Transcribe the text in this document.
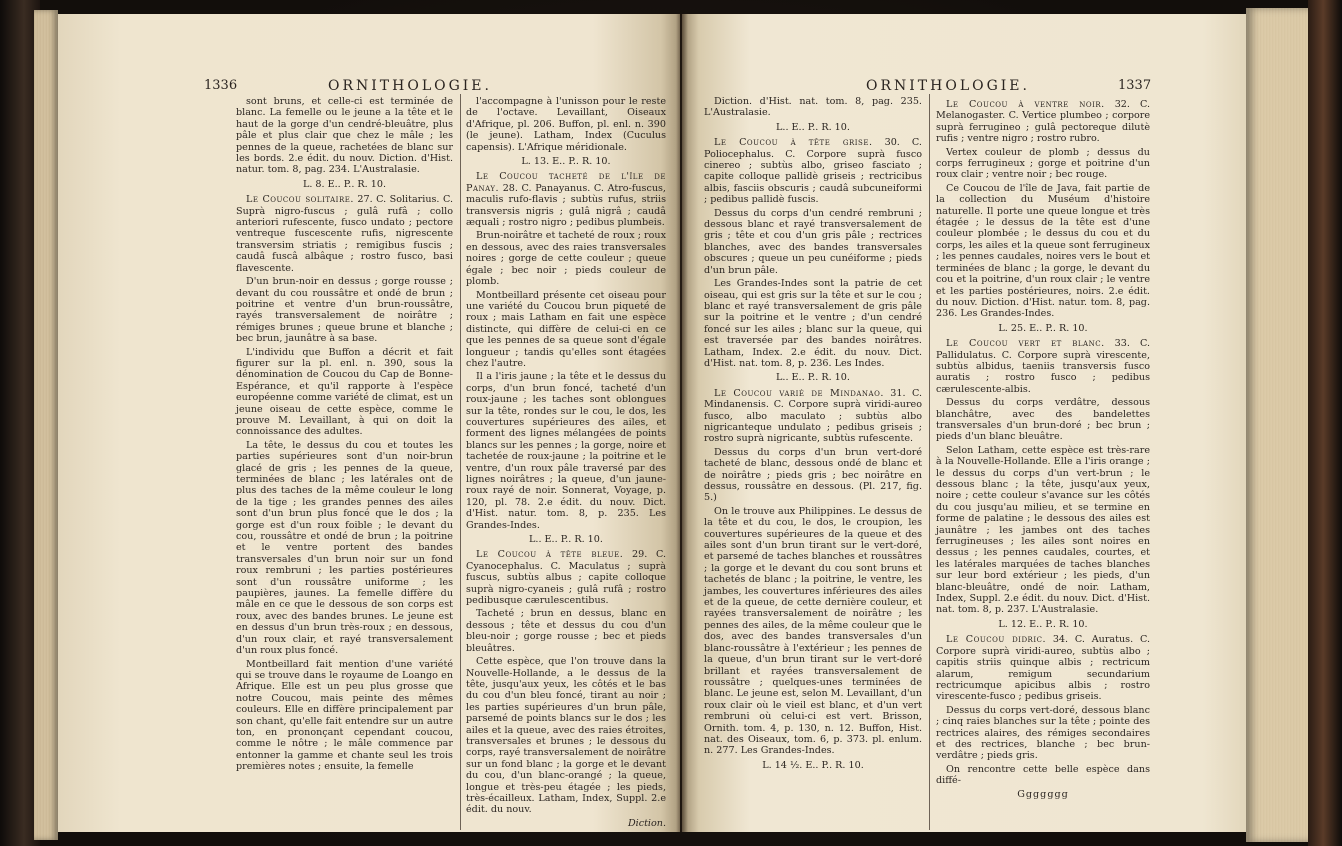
1336	ORNITHOLOGIE.

sont bruns, et celle-ci est terminée de blanc. La femelle ou le jeune a la tête et le haut de la gorge d'un cendré-bleuâtre, plus pâle et plus clair que chez le mâle ; les pennes de la queue, rachetées de blanc sur les bords. 2.e édit. du nouv. Diction. d'Hist. natur. tom. 8, pag. 234. L'Australasie.

L. 8. E.. P.. R. 10.

Le Coucou solitaire. 27. C. Solitarius. C. Suprà nigro-fuscus ; gulâ rufâ ; collo anteriori rufescente, fusco undato ; pectore ventreque fuscescente rufis, nigrescente transversim striatis ; remigibus fuscis ; caudâ fuscâ albâque ; rostro fusco, basi flavescente.

D'un brun-noir en dessus ; gorge rousse ; devant du cou roussâtre et ondé de brun ; poitrine et ventre d'un brun-roussâtre, rayés transversalement de noirâtre ; rémiges brunes ; queue brune et blanche ; bec brun, jaunâtre à sa base.

L'individu que Buffon a décrit et fait figurer sur la pl. enl. n. 390, sous la dénomination de Coucou du Cap de Bonne-Espérance, et qu'il rapporte à l'espèce européenne comme variété de climat, est un jeune oiseau de cette espèce, comme le prouve M. Levaillant, à qui on doit la connoissance des adultes.

La tête, le dessus du cou et toutes les parties supérieures sont d'un noir-brun glacé de gris ; les pennes de la queue, terminées de blanc ; les latérales ont de plus des taches de la même couleur le long de la tige ; les grandes pennes des ailes sont d'un brun plus foncé que le dos ; la gorge est d'un roux foible ; le devant du cou, roussâtre et ondé de brun ; la poitrine et le ventre portent des bandes transversales d'un brun noir sur un fond roux rembruni ; les parties postérieures sont d'un roussâtre uniforme ; les paupières, jaunes. La femelle diffère du mâle en ce que le dessous de son corps est roux, avec des bandes brunes. Le jeune est en dessus d'un brun très-roux ; en dessous, d'un roux clair, et rayé transversalement d'un roux plus foncé.

Montbeillard fait mention d'une variété qui se trouve dans le royaume de Loango en Afrique. Elle est un peu plus grosse que notre Coucou, mais peinte des mêmes couleurs. Elle en diffère principalement par son chant, qu'elle fait entendre sur un autre ton, en prononçant cependant coucou, comme le nôtre ; le mâle commence par entonner la gamme et chante seul les trois premières notes ; ensuite, la femelle

l'accompagne à l'unisson pour le reste de l'octave. Levaillant, Oiseaux d'Afrique, pl. 206. Buffon, pl. enl. n. 390 (le jeune). Latham, Index (Cuculus capensis). L'Afrique méridionale.

L. 13. E.. P.. R. 10.

Le Coucou tacheté de l'île de Panay. 28. C. Panayanus. C. Atro-fuscus, maculis rufo-flavis ; subtùs rufus, striis transversis nigris ; gulâ nigrâ ; caudâ æquali ; rostro nigro ; pedibus plumbeis.

Brun-noirâtre et tacheté de roux ; roux en dessous, avec des raies transversales noires ; gorge de cette couleur ; queue égale ; bec noir ; pieds couleur de plomb.

Montbeillard présente cet oiseau pour une variété du Coucou brun piqueté de roux ; mais Latham en fait une espèce distincte, qui diffère de celui-ci en ce que les pennes de sa queue sont d'égale longueur ; tandis qu'elles sont étagées chez l'autre.

Il a l'iris jaune ; la tête et le dessus du corps, d'un brun foncé, tacheté d'un roux-jaune ; les taches sont oblongues sur la tête, rondes sur le cou, le dos, les couvertures supérieures des ailes, et forment des lignes mélangées de points blancs sur les pennes ; la gorge, noire et tachetée de roux-jaune ; la poitrine et le ventre, d'un roux pâle traversé par des lignes noirâtres ; la queue, d'un jaune-roux rayé de noir. Sonnerat, Voyage, p. 120, pl. 78. 2.e édit. du nouv. Dict. d'Hist. natur. tom. 8, p. 235. Les Grandes-Indes.

L.. E.. P.. R. 10.

Le Coucou à tête bleue. 29. C. Cyanocephalus. C. Maculatus ; suprà fuscus, subtùs albus ; capite colloque suprà nigro-cyaneis ; gulâ rufâ ; rostro pedibusque cærulescentibus.

Tacheté ; brun en dessus, blanc en dessous ; tête et dessus du cou d'un bleu-noir ; gorge rousse ; bec et pieds bleuâtres.

Cette espèce, que l'on trouve dans la Nouvelle-Hollande, a le dessus de la tête, jusqu'aux yeux, les côtés et le bas du cou d'un bleu foncé, tirant au noir ; les parties supérieures d'un brun pâle, parsemé de points blancs sur le dos ; les ailes et la queue, avec des raies étroites, transversales et brunes ; le dessous du corps, rayé transversalement de noirâtre sur un fond blanc ; la gorge et le devant du cou, d'un blanc-orangé ; la queue, longue et très-peu étagée ; les pieds, très-écailleux. Latham, Index, Suppl. 2.e édit. du nouv.

Diction.

ORNITHOLOGIE.	1337

Diction. d'Hist. nat. tom. 8, pag. 235. L'Australasie.

L.. E.. P.. R. 10.

Le Coucou à tête grise. 30. C. Poliocephalus. C. Corpore suprà fusco cinereo ; subtùs albo, griseo fasciato ; capite colloque pallidè griseis ; rectricibus albis, fasciis obscuris ; caudâ subcuneiformi ; pedibus pallidè fuscis.

Dessus du corps d'un cendré rembruni ; dessous blanc et rayé transversalement de gris ; tête et cou d'un gris pâle ; rectrices blanches, avec des bandes transversales obscures ; queue un peu cunéiforme ; pieds d'un brun pâle.

Les Grandes-Indes sont la patrie de cet oiseau, qui est gris sur la tête et sur le cou ; blanc et rayé transversalement de gris pâle sur la poitrine et le ventre ; d'un cendré foncé sur les ailes ; blanc sur la queue, qui est traversée par des bandes noirâtres. Latham, Index. 2.e édit. du nouv. Dict. d'Hist. nat. tom. 8, p. 236. Les Indes.

L.. E.. P.. R. 10.

Le Coucou varié de Mindanao. 31. C. Mindanensis. C. Corpore suprà viridi-aureo fusco, albo maculato ; subtùs albo nigricanteque undulato ; pedibus griseis ; rostro suprà nigricante, subtùs rufescente.

Dessus du corps d'un brun vert-doré tacheté de blanc, dessous ondé de blanc et de noirâtre ; pieds gris ; bec noirâtre en dessus, roussâtre en dessous. (Pl. 217, fig. 5.)

On le trouve aux Philippines. Le dessus de la tête et du cou, le dos, le croupion, les couvertures supérieures de la queue et des ailes sont d'un brun tirant sur le vert-doré, et parsemé de taches blanches et roussâtres ; la gorge et le devant du cou sont bruns et tachetés de blanc ; la poitrine, le ventre, les jambes, les couvertures inférieures des ailes et de la queue, de cette dernière couleur, et rayées transversalement de noirâtre ; les pennes des ailes, de la même couleur que le dos, avec des bandes transversales d'un blanc-roussâtre à l'extérieur ; les pennes de la queue, d'un brun tirant sur le vert-doré brillant et rayées transversalement de roussâtre ; quelques-unes terminées de blanc. Le jeune est, selon M. Levaillant, d'un roux clair où le vieil est blanc, et d'un vert rembruni où celui-ci est vert. Brisson, Ornith. tom. 4, p. 130, n. 12. Buffon, Hist. nat. des Oiseaux, tom. 6, p. 373. pl. enlum. n. 277. Les Grandes-Indes.

L. 14 ½. E.. P.. R. 10.

Le Coucou à ventre noir. 32. C. Melanogaster. C. Vertice plumbeo ; corpore suprà ferrugineo ; gulâ pectoreque dilutè rufis ; ventre nigro ; rostro rubro.

Vertex couleur de plomb ; dessus du corps ferrugineux ; gorge et poitrine d'un roux clair ; ventre noir ; bec rouge.

Ce Coucou de l'île de Java, fait partie de la collection du Muséum d'histoire naturelle. Il porte une queue longue et très étagée ; le dessus de la tête est d'une couleur plombée ; le dessus du cou et du corps, les ailes et la queue sont ferrugineux ; les pennes caudales, noires vers le bout et terminées de blanc ; la gorge, le devant du cou et la poitrine, d'un roux clair ; le ventre et les parties postérieures, noirs. 2.e édit. du nouv. Diction. d'Hist. natur. tom. 8, pag. 236. Les Grandes-Indes.

L. 25. E.. P.. R. 10.

Le Coucou vert et blanc. 33. C. Pallidulatus. C. Corpore suprà virescente, subtùs albidus, taeniis transversis fusco auratis ; rostro fusco ; pedibus cærulescente-albis.

Dessus du corps verdâtre, dessous blanchâtre, avec des bandelettes transversales d'un brun-doré ; bec brun ; pieds d'un blanc bleuâtre.

Selon Latham, cette espèce est très-rare à la Nouvelle-Hollande. Elle a l'iris orange ; le dessus du corps d'un vert-brun ; le dessous blanc ; la tête, jusqu'aux yeux, noire ; cette couleur s'avance sur les côtés du cou jusqu'au milieu, et se termine en forme de palatine ; le dessous des ailes est jaunâtre ; les jambes ont des taches ferrugineuses ; les ailes sont noires en dessus ; les pennes caudales, courtes, et les latérales marquées de taches blanches sur leur bord extérieur ; les pieds, d'un blanc-bleuâtre, ondé de noir. Latham, Index, Suppl. 2.e édit. du nouv. Dict. d'Hist. nat. tom. 8, p. 237. L'Australasie.

L. 12. E.. P.. R. 10.

Le Coucou didric. 34. C. Auratus. C. Corpore suprà viridi-aureo, subtùs albo ; capitis striis quinque albis ; rectricum alarum, remigum secundarium rectricumque apicibus albis ; rostro virescente-fusco ; pedibus griseis.

Dessus du corps vert-doré, dessous blanc ; cinq raies blanches sur la tête ; pointe des rectrices alaires, des rémiges secondaires et des rectrices, blanche ; bec brun-verdâtre ; pieds gris.

On rencontre cette belle espèce dans diffé-

Ggggggg
